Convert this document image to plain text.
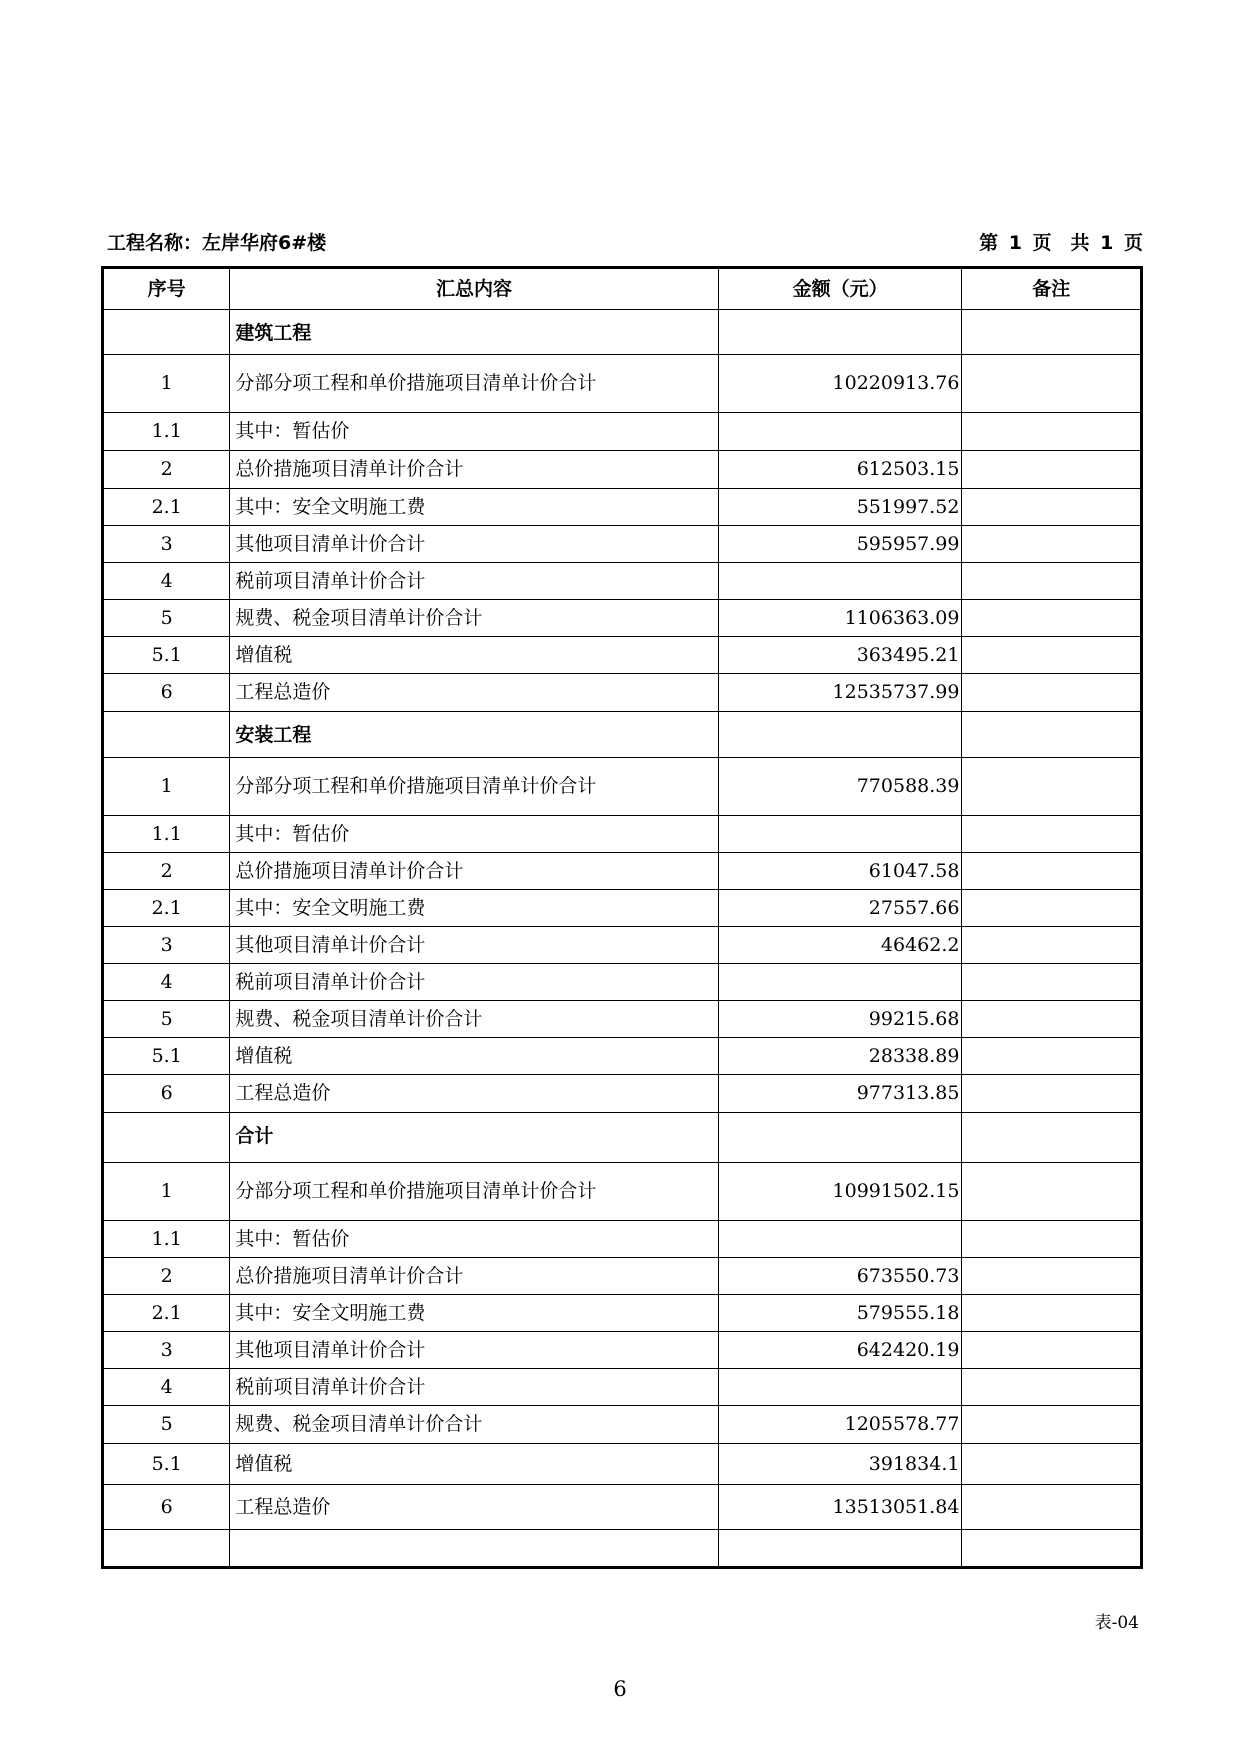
工程名称：左岸华府6#楼	第 1 页　共 1 页
序号	汇总内容	金额（元）	备注
	建筑工程		
1	分部分项工程和单价措施项目清单计价合计	10220913.76	
1.1	其中：暂估价		
2	总价措施项目清单计价合计	612503.15	
2.1	其中：安全文明施工费	551997.52	
3	其他项目清单计价合计	595957.99	
4	税前项目清单计价合计		
5	规费、税金项目清单计价合计	1106363.09	
5.1	增值税	363495.21	
6	工程总造价	12535737.99	
	安装工程		
1	分部分项工程和单价措施项目清单计价合计	770588.39	
1.1	其中：暂估价		
2	总价措施项目清单计价合计	61047.58	
2.1	其中：安全文明施工费	27557.66	
3	其他项目清单计价合计	46462.2	
4	税前项目清单计价合计		
5	规费、税金项目清单计价合计	99215.68	
5.1	增值税	28338.89	
6	工程总造价	977313.85	
	合计		
1	分部分项工程和单价措施项目清单计价合计	10991502.15	
1.1	其中：暂估价		
2	总价措施项目清单计价合计	673550.73	
2.1	其中：安全文明施工费	579555.18	
3	其他项目清单计价合计	642420.19	
4	税前项目清单计价合计		
5	规费、税金项目清单计价合计	1205578.77	
5.1	增值税	391834.1	
6	工程总造价	13513051.84	

表-04
6
